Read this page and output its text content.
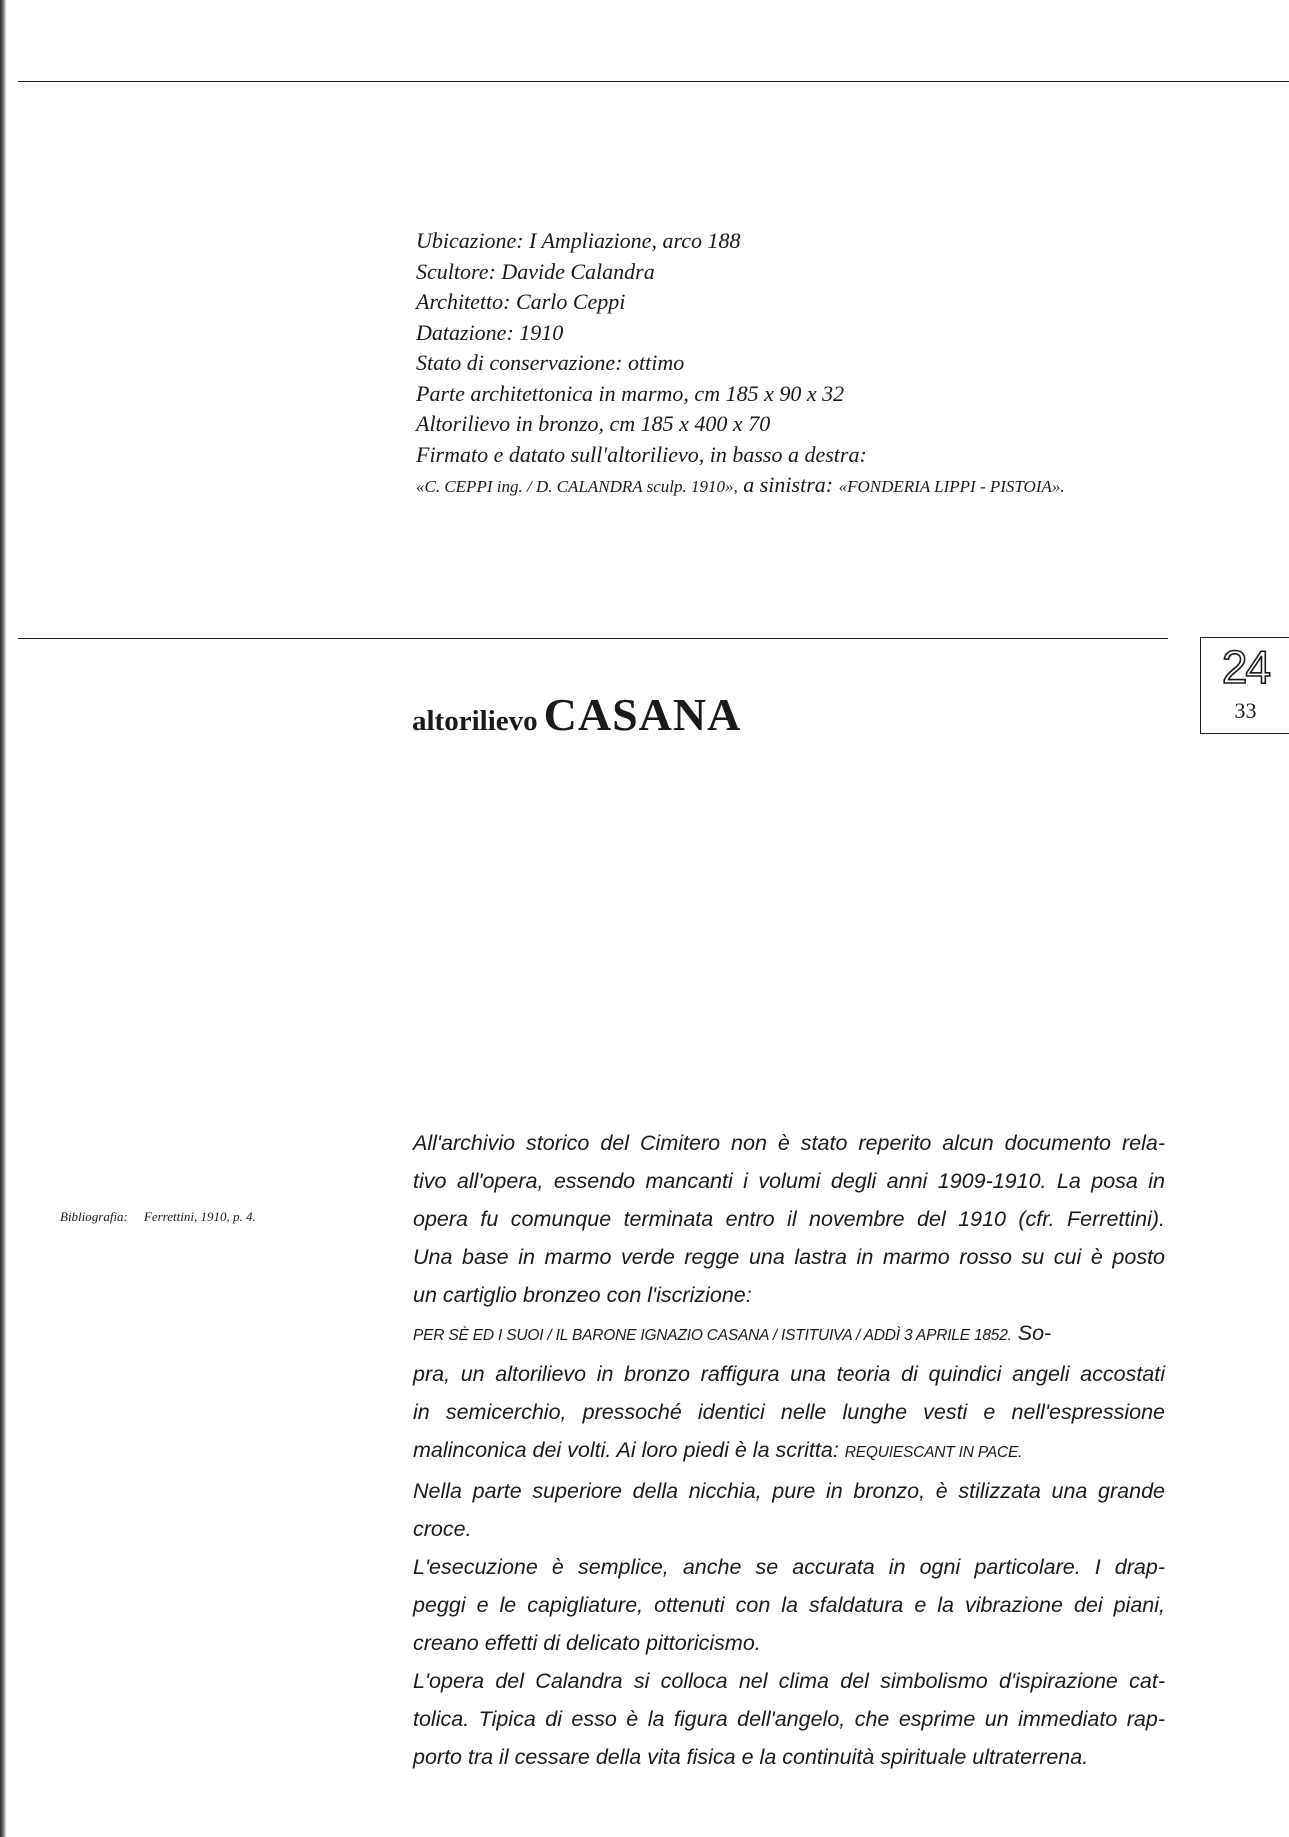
Ubicazione: I Ampliazione, arco 188
Scultore: Davide Calandra
Architetto: Carlo Ceppi
Datazione: 1910
Stato di conservazione: ottimo
Parte architettonica in marmo, cm 185 x 90 x 32
Altorilievo in bronzo, cm 185 x 400 x 70
Firmato e datato sull'altorilievo, in basso a destra:
«C. CEPPI ing. / D. CALANDRA sculp. 1910», a sinistra: «FONDERIA LIPPI - PISTOIA».
24
33
altorilievo CASANA
Bibliografia: Ferrettini, 1910, p. 4.
All'archivio storico del Cimitero non è stato reperito alcun documento rela-
tivo all'opera, essendo mancanti i volumi degli anni 1909-1910. La posa in
opera fu comunque terminata entro il novembre del 1910 (cfr. Ferrettini).
Una base in marmo verde regge una lastra in marmo rosso su cui è posto
un cartiglio bronzeo con l'iscrizione:
PER SÈ ED I SUOI / IL BARONE IGNAZIO CASANA / ISTITUIVA / ADDÌ 3 APRILE 1852. So-
pra, un altorilievo in bronzo raffigura una teoria di quindici angeli accostati
in semicerchio, pressoché identici nelle lunghe vesti e nell'espressione
malinconica dei volti. Ai loro piedi è la scritta: REQUIESCANT IN PACE.
Nella parte superiore della nicchia, pure in bronzo, è stilizzata una grande
croce.
L'esecuzione è semplice, anche se accurata in ogni particolare. I drap-
peggi e le capigliature, ottenuti con la sfaldatura e la vibrazione dei piani,
creano effetti di delicato pittoricismo.
L'opera del Calandra si colloca nel clima del simbolismo d'ispirazione cat-
tolica. Tipica di esso è la figura dell'angelo, che esprime un immediato rap-
porto tra il cessare della vita fisica e la continuità spirituale ultraterrena.
